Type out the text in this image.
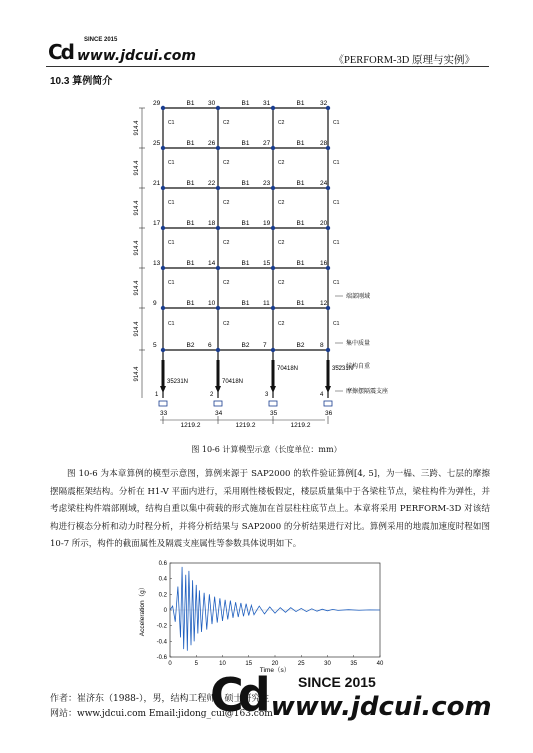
Cd SINCE 2015
www.jdcui.com	《PERFORM-3D 原理与实例》
10.3 算例简介
B1	B1	B1
B1	B1	B1
B1	B1	B1
B1	B1	B1
B1	B1	B1
B1	B1	B1
B2	B2	B2
C1	C2	C2	C1
C1	C2	C2	C1
C1	C2	C2	C1
C1	C2	C2	C1
C1	C2	C2	C1
C1	C2	C2	C1
29	30	31	32
25	26	27	28
21	22	23	24
17	18	19	20
13	14	15	16
9	10	11	12
5	6	7	8
35231N
1
33
70418N
2
34
70418N
3
35
35231N
4
36
914.4
914.4
914.4
914.4
914.4
914.4
914.4
1219.2	1219.2	1219.2
端部刚域
集中质量
结构自重
摩擦摆隔震支座
图 10-6 计算模型示意（长度单位：mm）
图 10-6 为本章算例的模型示意图，算例来源于 SAP2000 的软件验证算例[4, 5]，为一榀、三跨、七层的摩擦摆隔震框架结构。分析在 H1-V 平面内进行，采用刚性楼板假定，楼层质量集中于各梁柱节点，梁柱构件为弹性，并考虑梁柱构件端部刚域，结构自重以集中荷载的形式施加在首层柱柱底节点上。本章将采用 PERFORM-3D 对该结构进行模态分析和动力时程分析，并将分析结果与 SAP2000 的分析结果进行对比。算例采用的地震加速度时程如图 10-7 所示，构件的截面属性及隔震支座属性等参数具体说明如下。
0	5	10	15	20	25	30	35	40
0.6
0.4
0.2
0
-0.2
-0.4
-0.6
Time（s）
Acceleration（g）
作者：崔济东（1988-），男，结构工程师，硕士研究生
网站：www.jdcui.com Email:jidong_cui@163.com
Cd SINCE 2015
www.jdcui.com
